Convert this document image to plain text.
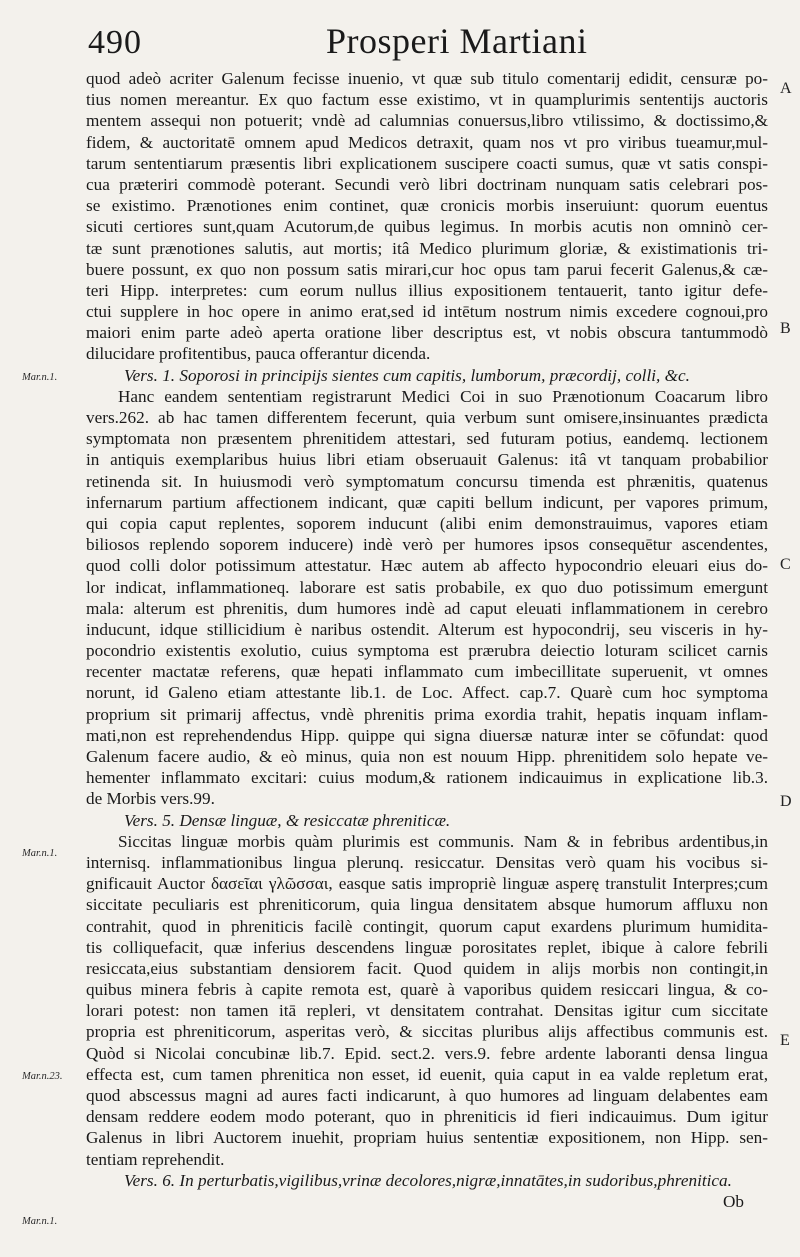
490	Prosperi Martiani
quod adeò acriter Galenum fecisse inuenio, vt quæ sub titulo comentarij edidit, censuræ po-
tius nomen mereantur. Ex quo factum esse existimo, vt in quamplurimis sententijs auctoris
mentem assequi non potuerit; vndè ad calumnias conuersus,libro vtilissimo, & doctissimo,&
fidem, & auctoritatē omnem apud Medicos detraxit, quam nos vt pro viribus tueamur,mul-
tarum sententiarum præsentis libri explicationem suscipere coacti sumus, quæ vt satis conspi-
cua præteriri commodè poterant. Secundi verò libri doctrinam nunquam satis celebrari pos-
se existimo. Prænotiones enim continet, quæ cronicis morbis inseruiunt: quorum euentus
sicuti certiores sunt,quam Acutorum,de quibus legimus. In morbis acutis non omninò cer-
tæ sunt prænotiones salutis, aut mortis; itâ Medico plurimum gloriæ, & existimationis tri-
buere possunt, ex quo non possum satis mirari,cur hoc opus tam parui fecerit Galenus,& cæ-
teri Hipp. interpretes: cum eorum nullus illius expositionem tentauerit, tanto igitur defe-
ctui supplere in hoc opere in animo erat,sed id intētum nostrum nimis excedere cognoui,pro
maiori enim parte adeò aperta oratione liber descriptus est, vt nobis obscura tantummodò
dilucidare profitentibus, pauca offerantur dicenda.
Vers. 1. Soporosi in principijs sientes cum capitis, lumborum, præcordij, colli, &c.
Hanc eandem sententiam registrarunt Medici Coi in suo Prænotionum Coacarum libro
vers.262. ab hac tamen differentem fecerunt, quia verbum sunt omisere,insinuantes prædicta
symptomata non præsentem phrenitidem attestari, sed futuram potius, eandemq. lectionem
in antiquis exemplaribus huius libri etiam obseruauit Galenus: itâ vt tanquam probabilior
retinenda sit. In huiusmodi verò symptomatum concursu timenda est phrænitis, quatenus
infernarum partium affectionem indicant, quæ capiti bellum indicunt, per vapores primum,
qui copia caput replentes, soporem inducunt (alibi enim demonstrauimus, vapores etiam
biliosos replendo soporem inducere) indè verò per humores ipsos consequētur ascendentes,
quod colli dolor potissimum attestatur. Hæc autem ab affecto hypocondrio eleuari eius do-
lor indicat, inflammationeq. laborare est satis probabile, ex quo duo potissimum emergunt
mala: alterum est phrenitis, dum humores indè ad caput eleuati inflammationem in cerebro
inducunt, idque stillicidium è naribus ostendit. Alterum est hypocondrij, seu visceris in hy-
pocondrio existentis exolutio, cuius symptoma est prærubra deiectio loturam scilicet carnis
recenter mactatæ referens, quæ hepati inflammato cum imbecillitate superuenit, vt omnes
norunt, id Galeno etiam attestante lib.1. de Loc. Affect. cap.7. Quarè cum hoc symptoma
proprium sit primarij affectus, vndè phrenitis prima exordia trahit, hepatis inquam inflam-
mati,non est reprehendendus Hipp. quippe qui signa diuersæ naturæ inter se cōfundat: quod
Galenum facere audio, & eò minus, quia non est nouum Hipp. phrenitidem solo hepate ve-
hementer inflammato excitari: cuius modum,& rationem indicauimus in explicatione lib.3.
de Morbis vers.99.
Vers. 5. Densæ linguæ, & resiccatæ phreniticæ.
Siccitas linguæ morbis quàm plurimis est communis. Nam & in febribus ardentibus,in
internisq. inflammationibus lingua plerunq. resiccatur. Densitas verò quam his vocibus si-
gnificauit Auctor δασεῖαι γλῶσσαι, easque satis impropriè linguæ asperę transtulit Interpres;cum
siccitate peculiaris est phreniticorum, quia lingua densitatem absque humorum affluxu non
contrahit, quod in phreniticis facilè contingit, quorum caput exardens plurimum humidita-
tis colliquefacit, quæ inferius descendens linguæ porositates replet, ibique à calore febrili
resiccata,eius substantiam densiorem facit. Quod quidem in alijs morbis non contingit,in
quibus minera febris à capite remota est, quarè à vaporibus quidem resiccari lingua, & co-
lorari potest: non tamen itā repleri, vt densitatem contrahat. Densitas igitur cum siccitate
propria est phreniticorum, asperitas verò, & siccitas pluribus alijs affectibus communis est.
Quòd si Nicolai concubinæ lib.7. Epid. sect.2. vers.9. febre ardente laboranti densa lingua
effecta est, cum tamen phrenitica non esset, id euenit, quia caput in ea valde repletum erat,
quod abscessus magni ad aures facti indicarunt, à quo humores ad linguam delabentes eam
densam reddere eodem modo poterant, quo in phreniticis id fieri indicauimus. Dum igitur
Galenus in libri Auctorem inuehit, propriam huius sententiæ expositionem, non Hipp. sen-
tentiam reprehendit.
Vers. 6. In perturbatis,vigilibus,vrinæ decolores,nigræ,innatātes,in sudoribus,phrenitica.
Ob
Mar.n.1.
Mar.n.1.
Mar.n.23.
Mar.n.1.
A
B
C
D
E
